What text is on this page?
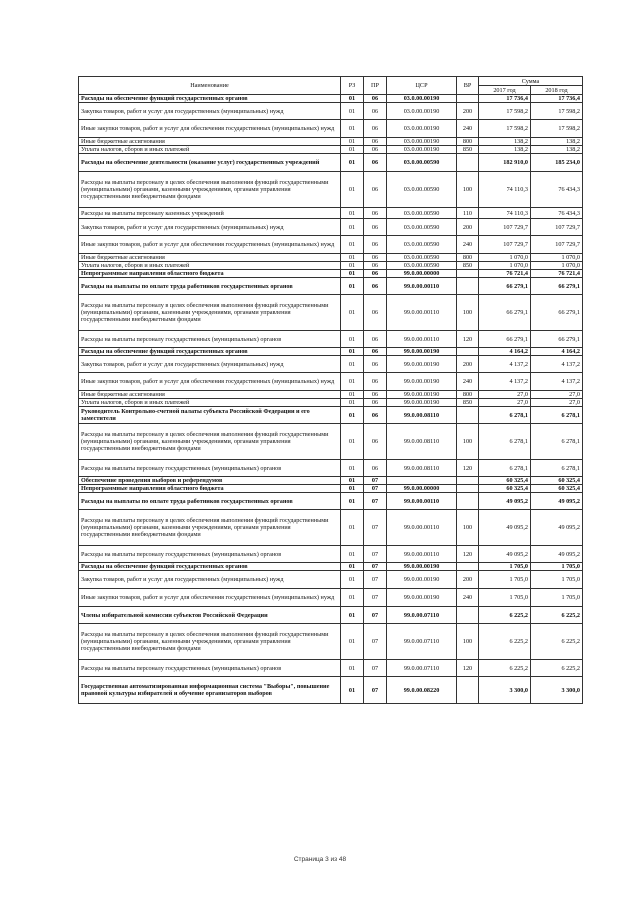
Наименование	РЗ	ПР	ЦСР	ВР	Сумма	
					2017 год	2018 год
Расходы на обеспечение функций государственных органов	01	06	03.0.00.00190		17 736,4	17 736,4
Закупка товаров, работ и услуг для государственных (муниципальных) нужд	01	06	03.0.00.00190	200	17 598,2	17 598,2
Иные закупки товаров, работ и услуг для обеспечения государственных (муниципальных) нужд	01	06	03.0.00.00190	240	17 598,2	17 598,2
Иные бюджетные ассигнования	01	06	03.0.00.00190	800	138,2	138,2
Уплата налогов, сборов и иных платежей	01	06	03.0.00.00190	850	138,2	138,2
Расходы на обеспечение деятельности (оказание услуг) государственных учреждений	01	06	03.0.00.00590		182 910,0	185 234,0
Расходы на выплаты персоналу в целях обеспечения выполнения функций государственными (муниципальными) органами, казенными учреждениями, органами управления государственными внебюджетными фондами	01	06	03.0.00.00590	100	74 110,3	76 434,3
Расходы на выплаты персоналу казенных учреждений	01	06	03.0.00.00590	110	74 110,3	76 434,3
Закупка товаров, работ и услуг для государственных (муниципальных) нужд	01	06	03.0.00.00590	200	107 729,7	107 729,7
Иные закупки товаров, работ и услуг для обеспечения государственных (муниципальных) нужд	01	06	03.0.00.00590	240	107 729,7	107 729,7
Иные бюджетные ассигнования	01	06	03.0.00.00590	800	1 070,0	1 070,0
Уплата налогов, сборов и иных платежей	01	06	03.0.00.00590	850	1 070,0	1 070,0
Непрограммные направления областного бюджета	01	06	99.0.00.00000		76 721,4	76 721,4
Расходы на выплаты по оплате труда работников государственных органов	01	06	99.0.00.00110		66 279,1	66 279,1
Расходы на выплаты персоналу в целях обеспечения выполнения функций государственными (муниципальными) органами, казенными учреждениями, органами управления государственными внебюджетными фондами	01	06	99.0.00.00110	100	66 279,1	66 279,1
Расходы на выплаты персоналу государственных (муниципальных) органов	01	06	99.0.00.00110	120	66 279,1	66 279,1
Расходы на обеспечение функций государственных органов	01	06	99.0.00.00190		4 164,2	4 164,2
Закупка товаров, работ и услуг для государственных (муниципальных) нужд	01	06	99.0.00.00190	200	4 137,2	4 137,2
Иные закупки товаров, работ и услуг для обеспечения государственных (муниципальных) нужд	01	06	99.0.00.00190	240	4 137,2	4 137,2
Иные бюджетные ассигнования	01	06	99.0.00.00190	800	27,0	27,0
Уплата налогов, сборов и иных платежей	01	06	99.0.00.00190	850	27,0	27,0
Руководитель Контрольно-счетной палаты субъекта Российской Федерации и его заместители	01	06	99.0.00.08110		6 278,1	6 278,1
Расходы на выплаты персоналу в целях обеспечения выполнения функций государственными (муниципальными) органами, казенными учреждениями, органами управления государственными внебюджетными фондами	01	06	99.0.00.08110	100	6 278,1	6 278,1
Расходы на выплаты персоналу государственных (муниципальных) органов	01	06	99.0.00.08110	120	6 278,1	6 278,1
Обеспечение проведения выборов и референдумов	01	07			60 325,4	60 325,4
Непрограммные направления областного бюджета	01	07	99.0.00.00000		60 325,4	60 325,4
Расходы на выплаты по оплате труда работников государственных органов	01	07	99.0.00.00110		49 095,2	49 095,2
Расходы на выплаты персоналу в целях обеспечения выполнения функций государственными (муниципальными) органами, казенными учреждениями, органами управления государственными внебюджетными фондами	01	07	99.0.00.00110	100	49 095,2	49 095,2
Расходы на выплаты персоналу государственных (муниципальных) органов	01	07	99.0.00.00110	120	49 095,2	49 095,2
Расходы на обеспечение функций государственных органов	01	07	99.0.00.00190		1 705,0	1 705,0
Закупка товаров, работ и услуг для государственных (муниципальных) нужд	01	07	99.0.00.00190	200	1 705,0	1 705,0
Иные закупки товаров, работ и услуг для обеспечения государственных (муниципальных) нужд	01	07	99.0.00.00190	240	1 705,0	1 705,0
Члены избирательной комиссии субъектов Российской Федерации	01	07	99.0.00.07110		6 225,2	6 225,2
Расходы на выплаты персоналу в целях обеспечения выполнения функций государственными (муниципальными) органами, казенными учреждениями, органами управления государственными внебюджетными фондами	01	07	99.0.00.07110	100	6 225,2	6 225,2
Расходы на выплаты персоналу государственных (муниципальных) органов	01	07	99.0.00.07110	120	6 225,2	6 225,2
Государственная автоматизированная информационная система "Выборы", повышение правовой культуры избирателей и обучение организаторов выборов	01	07	99.0.00.08220		3 300,0	3 300,0
Страница 3 из 48
